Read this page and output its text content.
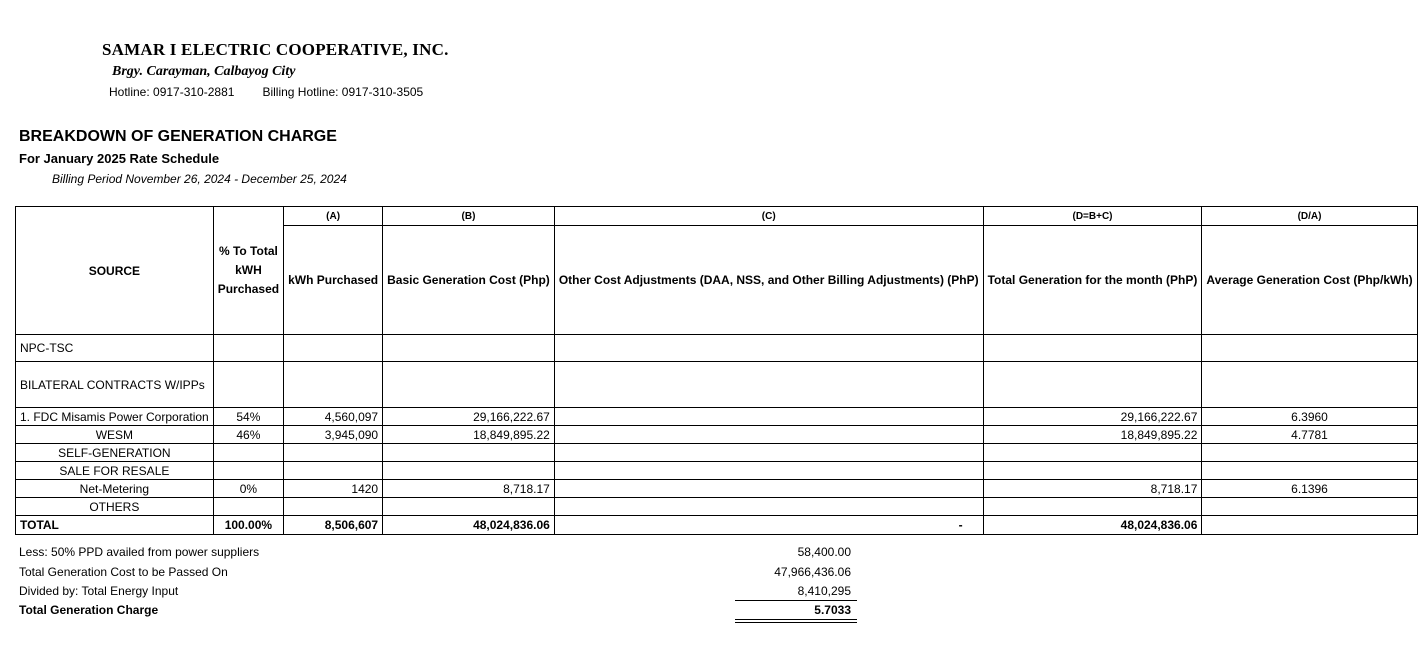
SAMAR I ELECTRIC COOPERATIVE, INC.
Brgy. Carayman, Calbayog City
Hotline: 0917-310-2881 Billing Hotline: 0917-310-3505
BREAKDOWN OF GENERATION CHARGE
For January 2025 Rate Schedule
Billing Period November 26, 2024 - December 25, 2024
SOURCE	% To Total kWH Purchased	(A)	(B)	(C)	(D=B+C)	(D/A)
		kWh Purchased	Basic Generation Cost (Php)	Other Cost Adjustments (DAA, NSS, and Other Billing Adjustments) (PhP)	Total Generation for the month (PhP)	Average Generation Cost (Php/kWh)
NPC-TSC						
BILATERAL CONTRACTS W/IPPs						
1. FDC Misamis Power Corporation	54%	4,560,097	29,166,222.67		29,166,222.67	6.3960
WESM	46%	3,945,090	18,849,895.22		18,849,895.22	4.7781
SELF-GENERATION						
SALE FOR RESALE						
Net-Metering	0%	1420	8,718.17		8,718.17	6.1396
OTHERS						
TOTAL	100.00%	8,506,607	48,024,836.06	-	48,024,836.06	
Less: 50% PPD availed from power suppliers	58,400.00
Total Generation Cost to be Passed On	47,966,436.06
Divided by: Total Energy Input	8,410,295
Total Generation Charge	5.7033
